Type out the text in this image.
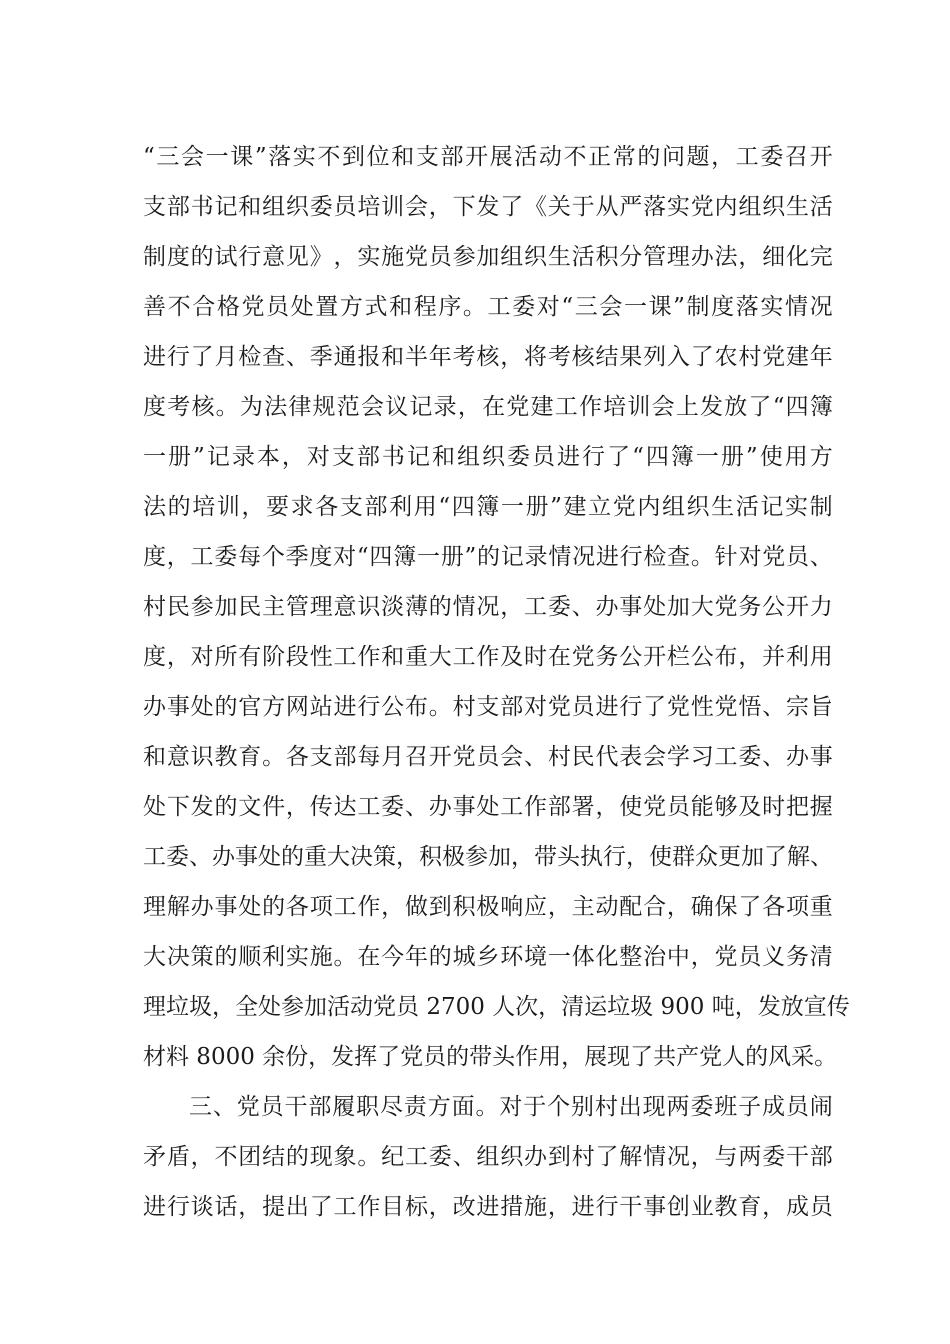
“ 三 会 一 课 ” 落 实 不 到 位 和 支 部 开 展 活 动 不 正 常 的 问 题 ， 工 委 召 开
支 部 书 记 和 组 织 委 员 培 训 会 ， 下 发 了 《 关 于 从 严 落 实 党 内 组 织 生 活
制 度 的 试 行 意 见 》 ， 实 施 党 员 参 加 组 织 生 活 积 分 管 理 办 法 ， 细 化 完
善 不 合 格 党 员 处 置 方 式 和 程 序 。 工 委 对 “ 三 会 一 课 ” 制 度 落 实 情 况
进 行 了 月 检 查 、 季 通 报 和 半 年 考 核 ， 将 考 核 结 果 列 入 了 农 村 党 建 年
度 考 核 。 为 法 律 规 范 会 议 记 录 ， 在 党 建 工 作 培 训 会 上 发 放 了 “ 四 簿
一 册 ” 记 录 本 ， 对 支 部 书 记 和 组 织 委 员 进 行 了 “ 四 簿 一 册 ” 使 用 方
法 的 培 训 ， 要 求 各 支 部 利 用 “ 四 簿 一 册 ” 建 立 党 内 组 织 生 活 记 实 制
度 ， 工 委 每 个 季 度 对 “ 四 簿 一 册 ” 的 记 录 情 况 进 行 检 查 。 针 对 党 员 、
村 民 参 加 民 主 管 理 意 识 淡 薄 的 情 况 ， 工 委 、 办 事 处 加 大 党 务 公 开 力
度 ， 对 所 有 阶 段 性 工 作 和 重 大 工 作 及 时 在 党 务 公 开 栏 公 布 ， 并 利 用
办 事 处 的 官 方 网 站 进 行 公 布 。 村 支 部 对 党 员 进 行 了 党 性 党 悟 、 宗 旨
和 意 识 教 育 。 各 支 部 每 月 召 开 党 员 会 、 村 民 代 表 会 学 习 工 委 、 办 事
处 下 发 的 文 件 ， 传 达 工 委 、 办 事 处 工 作 部 署 ， 使 党 员 能 够 及 时 把 握
工 委 、 办 事 处 的 重 大 决 策 ， 积 极 参 加 ， 带 头 执 行 ， 使 群 众 更 加 了 解 、
理 解 办 事 处 的 各 项 工 作 ， 做 到 积 极 响 应 ， 主 动 配 合 ， 确 保 了 各 项 重
大 决 策 的 顺 利 实 施 。 在 今 年 的 城 乡 环 境 一 体 化 整 治 中 ， 党 员 义 务 清
理 垃 圾 ， 全 处 参 加 活 动 党 员 2700 人 次 ， 清 运 垃 圾 900 吨 ， 发 放 宣 传
材料 8000 余份，发挥了党员的带头作用，展现了共产党人的风采。
三 、 党 员 干 部 履 职 尽 责 方 面 。 对 于 个 别 村 出 现 两 委 班 子 成 员 闹
矛 盾 ， 不 团 结 的 现 象 。 纪 工 委 、 组 织 办 到 村 了 解 情 况 ， 与 两 委 干 部
进 行 谈 话 ， 提 出 了 工 作 目 标 ， 改 进 措 施 ， 进 行 干 事 创 业 教 育 ， 成 员
